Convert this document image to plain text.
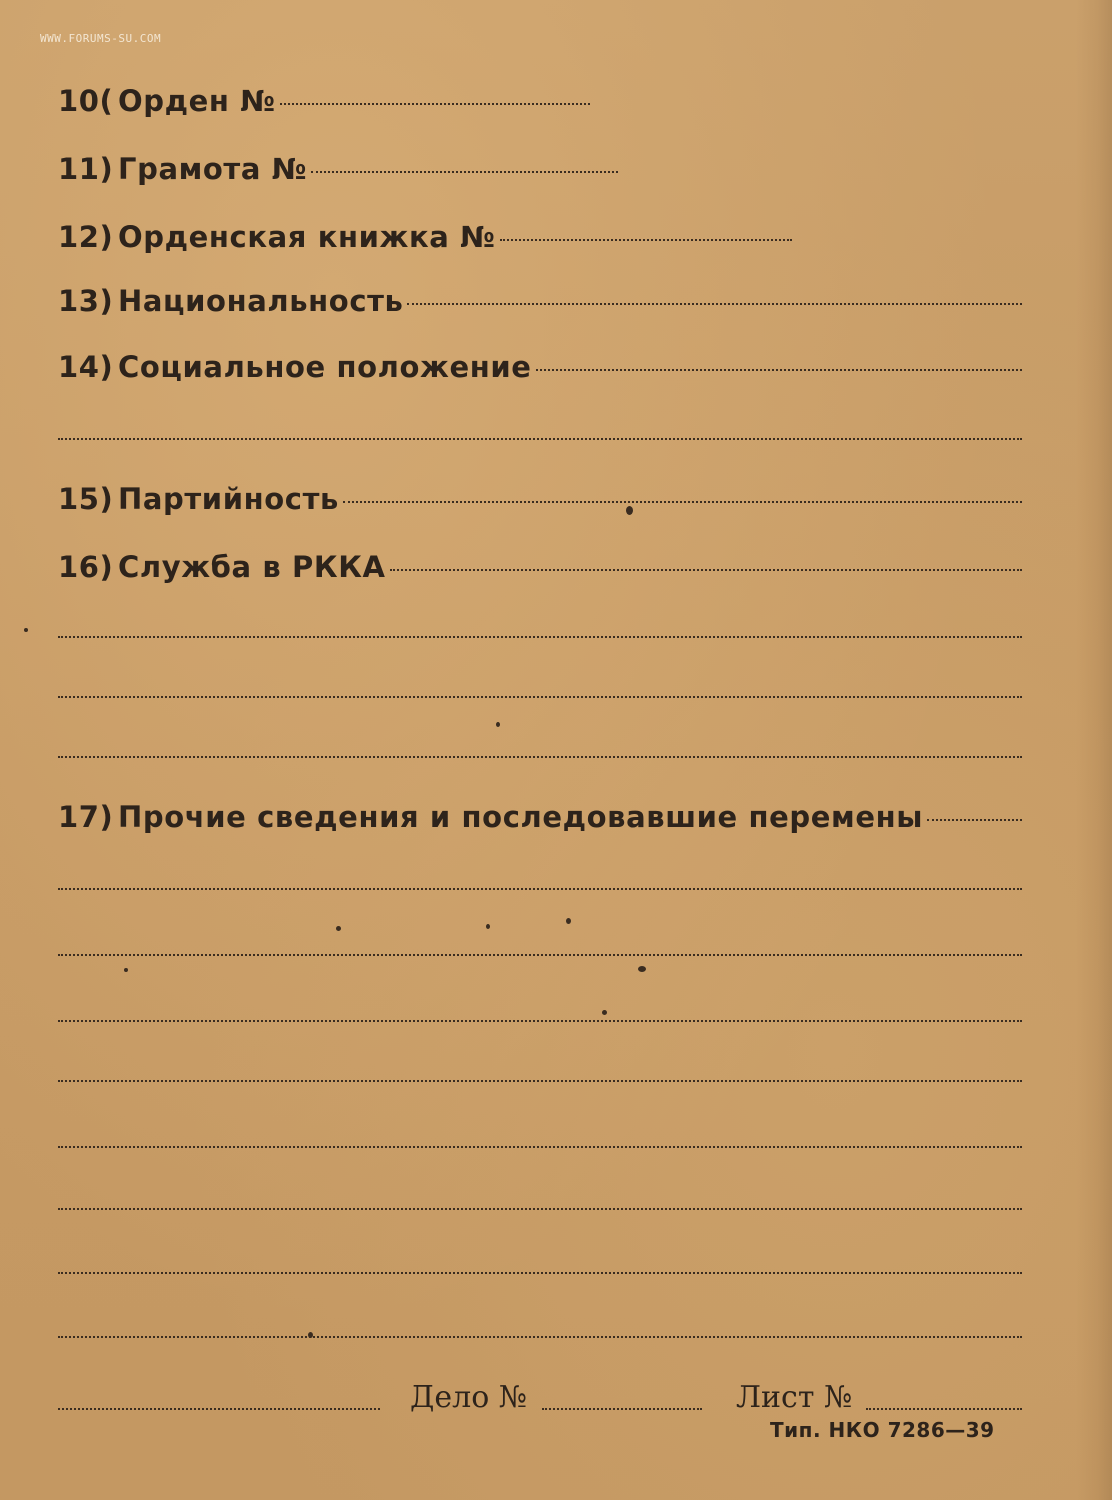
WWW.FORUMS-SU.COM
10( Орден №
11) Грамота №
12) Орденская книжка №
13) Национальность
14) Социальное положение
15) Партийность
16) Служба в РККА
17) Прочие сведения и последовавшие перемены
Дело №	Лист №
Тип. НКО 7286—39
